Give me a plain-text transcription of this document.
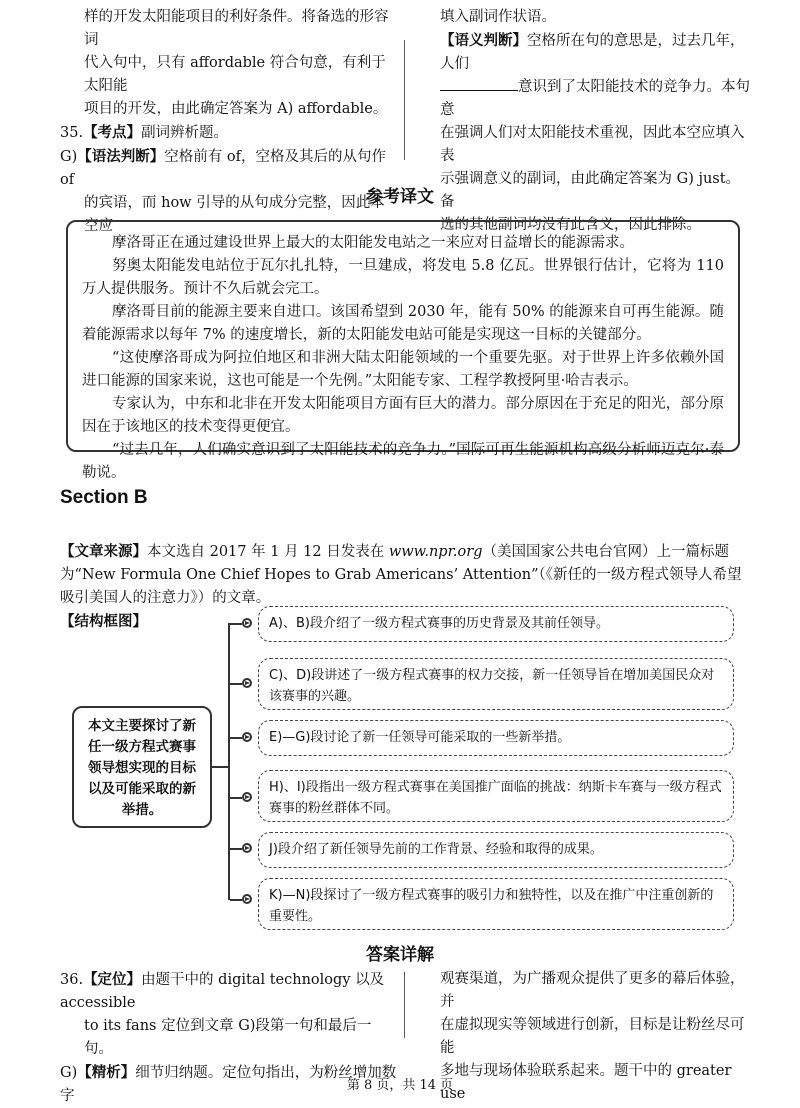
样的开发太阳能项目的利好条件。将备选的形容词

代入句中，只有 affordable 符合句意，有利于太阳能

项目的开发，由此确定答案为 A) affordable。

35.【考点】副词辨析题。

G)【语法判断】空格前有 of，空格及其后的从句作 of

的宾语，而 how 引导的从句成分完整，因此本空应

填入副词作状语。

【语义判断】空格所在句的意思是，过去几年，人们

意识到了太阳能技术的竞争力。本句意

在强调人们对太阳能技术重视，因此本空应填入表

示强调意义的副词，由此确定答案为 G) just。备

选的其他副词均没有此含义，因此排除。

参考译文

摩洛哥正在通过建设世界上最大的太阳能发电站之一来应对日益增长的能源需求。

努奥太阳能发电站位于瓦尔扎扎特，一旦建成，将发电 5.8 亿瓦。世界银行估计，它将为 110 万人提供服务。预计不久后就会完工。

摩洛哥目前的能源主要来自进口。该国希望到 2030 年，能有 50% 的能源来自可再生能源。随着能源需求以每年 7% 的速度增长，新的太阳能发电站可能是实现这一目标的关键部分。

“这使摩洛哥成为阿拉伯地区和非洲大陆太阳能领域的一个重要先驱。对于世界上许多依赖外国进口能源的国家来说，这也可能是一个先例。”太阳能专家、工程学教授阿里·哈吉表示。

专家认为，中东和北非在开发太阳能项目方面有巨大的潜力。部分原因在于充足的阳光，部分原因在于该地区的技术变得更便宜。

“过去几年，人们确实意识到了太阳能技术的竞争力。”国际可再生能源机构高级分析师迈克尔·泰勒说。

Section B

【文章来源】本文选自 2017 年 1 月 12 日发表在 www.npr.org（美国国家公共电台官网）上一篇标题为“New Formula One Chief Hopes to Grab Americans’ Attention”（《新任的一级方程式领导人希望吸引美国人的注意力》）的文章。

【结构框图】

本文主要探讨了新任一级方程式赛事领导想实现的目标以及可能采取的新举措。
A)、B)段介绍了一级方程式赛事的历史背景及其前任领导。
C)、D)段讲述了一级方程式赛事的权力交接，新一任领导旨在增加美国民众对该赛事的兴趣。
E)—G)段讨论了新一任领导可能采取的一些新举措。
H)、I)段指出一级方程式赛事在美国推广面临的挑战：纳斯卡车赛与一级方程式赛事的粉丝群体不同。
J)段介绍了新任领导先前的工作背景、经验和取得的成果。
K)—N)段探讨了一级方程式赛事的吸引力和独特性，以及在推广中注重创新的重要性。
答案详解

36.【定位】由题干中的 digital technology 以及 accessible

to its fans 定位到文章 G)段第一句和最后一句。

G)【精析】细节归纳题。定位句指出，为粉丝增加数字

观赛渠道，为广播观众提供了更多的幕后体验，并

在虚拟现实等领域进行创新，目标是让粉丝尽可能

多地与现场体验联系起来。题干中的 greater use

第 8 页，共 14 页
